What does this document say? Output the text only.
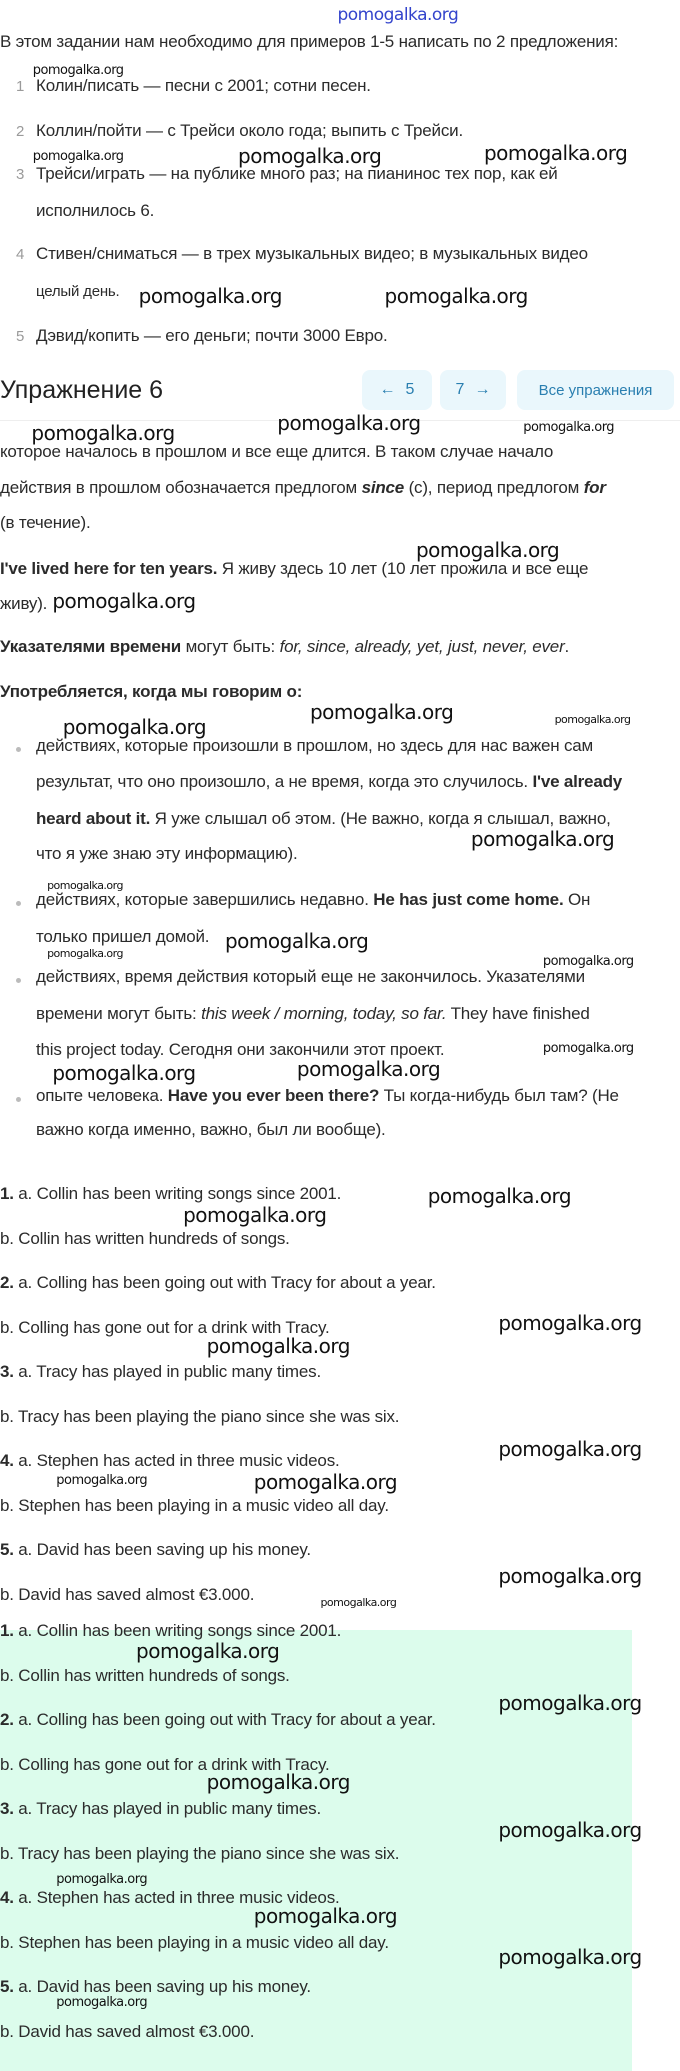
В этом задании нам необходимо для примеров 1-5 написать по 2 предложения:
1 Колин/писать — песни с 2001; сотни песен.
2 Коллин/пойти — с Трейси около года; выпить с Трейси.
3 Трейси/играть — на публике много раз; на пианинос тех пор, как ей
исполнилось 6.
4 Стивен/сниматься — в трех музыкальных видео; в музыкальных видео
целый день.
5 Дэвид/копить — его деньги; почти 3000 Евро.
Упражнение 6	← 5	7 →	Все упражнения
которое началось в прошлом и все еще длится. В таком случае начало
действия в прошлом обозначается предлогом since (с), период предлогом for
(в течение).
I've lived here for ten years. Я живу здесь 10 лет (10 лет прожила и все еще
живу).
Указателями времени могут быть: for, since, already, yet, just, never, ever.
Употребляется, когда мы говорим о:
действиях, которые произошли в прошлом, но здесь для нас важен сам
результат, что оно произошло, а не время, когда это случилось. I've already
heard about it. Я уже слышал об этом. (Не важно, когда я слышал, важно,
что я уже знаю эту информацию).
действиях, которые завершились недавно. He has just come home. Он
только пришел домой.
действиях, время действия который еще не закончилось. Указателями
времени могут быть: this week / morning, today, so far. They have finished
this project today. Сегодня они закончили этот проект.
опыте человека. Have you ever been there? Ты когда-нибудь был там? (Не
важно когда именно, важно, был ли вообще).
1. a. Collin has been writing songs since 2001.
b. Collin has written hundreds of songs.
2. a. Colling has been going out with Tracy for about a year.
b. Colling has gone out for a drink with Tracy.
3. a. Tracy has played in public many times.
b. Tracy has been playing the piano since she was six.
4. a. Stephen has acted in three music videos.
b. Stephen has been playing in a music video all day.
5. a. David has been saving up his money.
b. David has saved almost €3.000.
1. a. Collin has been writing songs since 2001.
b. Collin has written hundreds of songs.
2. a. Colling has been going out with Tracy for about a year.
b. Colling has gone out for a drink with Tracy.
3. a. Tracy has played in public many times.
b. Tracy has been playing the piano since she was six.
4. a. Stephen has acted in three music videos.
b. Stephen has been playing in a music video all day.
5. a. David has been saving up his money.
b. David has saved almost €3.000.
pomogalka.org
pomogalka.org
pomogalka.org	pomogalka.org	pomogalka.org
pomogalka.org	pomogalka.org
pomogalka.org	pomogalka.org	pomogalka.org
pomogalka.org
pomogalka.org
pomogalka.org
pomogalka.org	pomogalka.org
pomogalka.org
pomogalka.org
pomogalka.org
pomogalka.org
pomogalka.org
pomogalka.org
pomogalka.org	pomogalka.org
pomogalka.org
pomogalka.org
pomogalka.org
pomogalka.org
pomogalka.org
pomogalka.org	pomogalka.org
pomogalka.org
pomogalka.org
pomogalka.org
pomogalka.org
pomogalka.org
pomogalka.org
pomogalka.org
pomogalka.org
pomogalka.org
pomogalka.org
